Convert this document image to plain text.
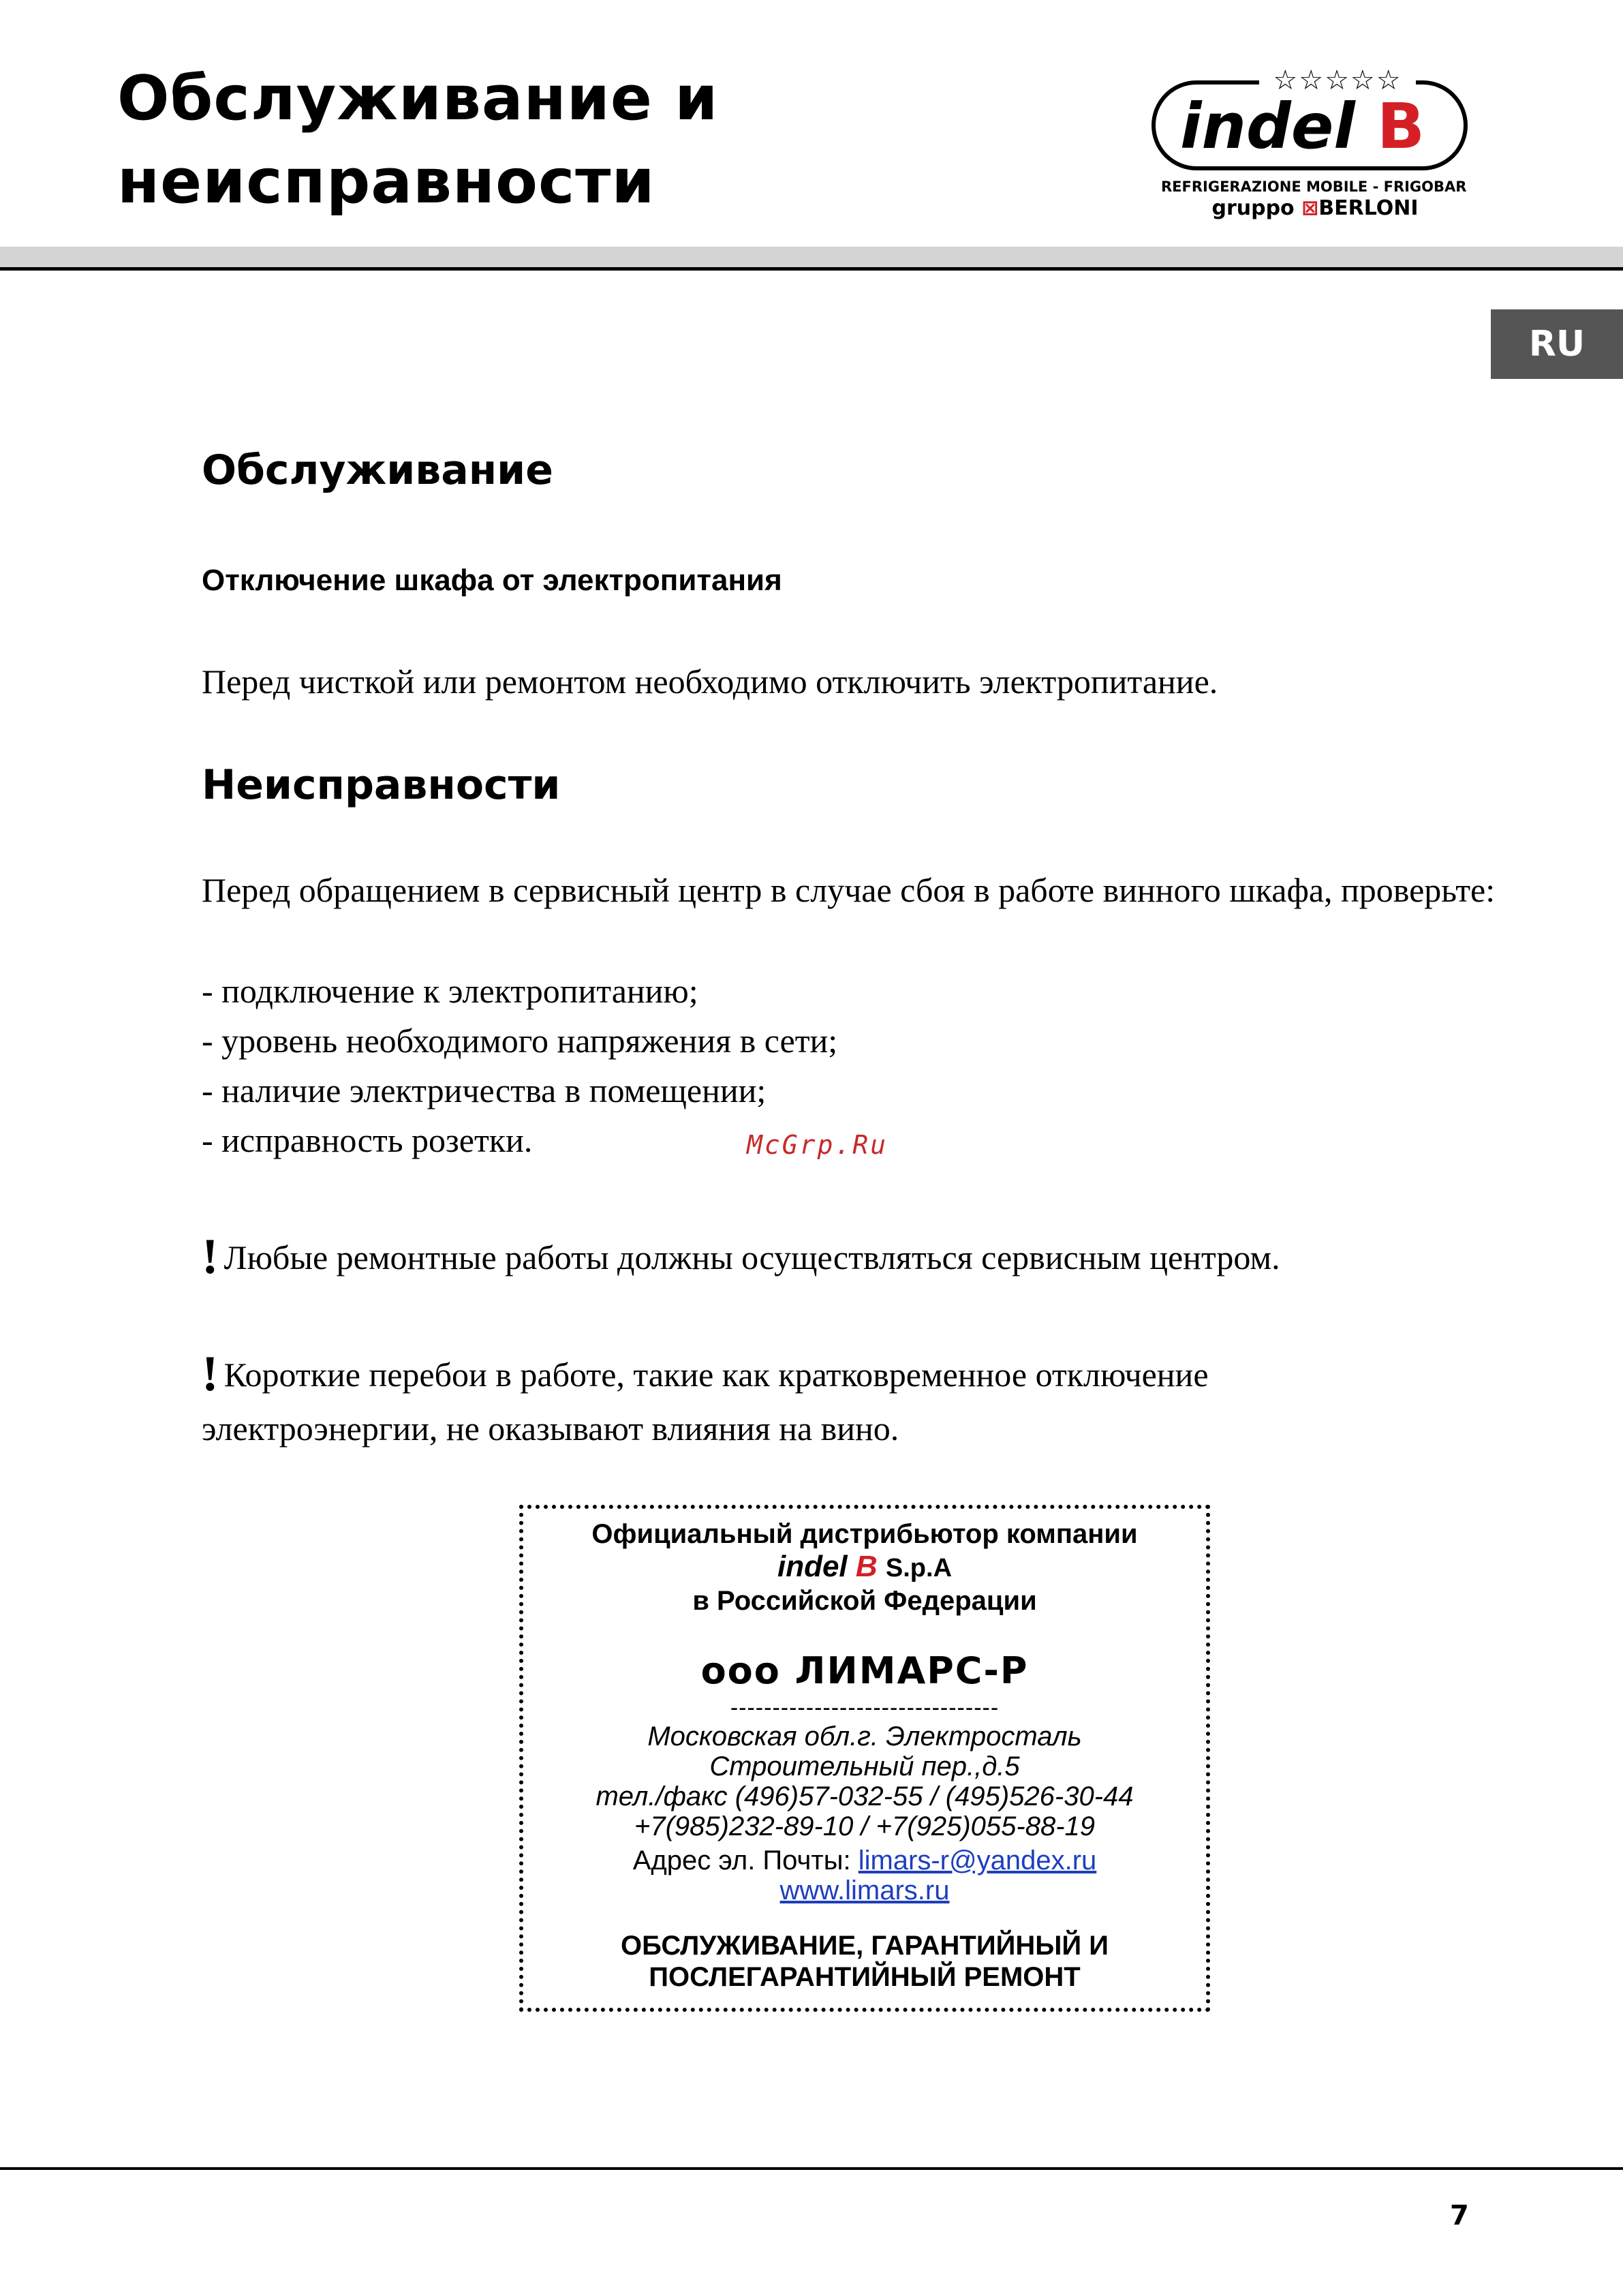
Обслуживание и
неисправности
☆☆☆☆☆
indel B
REFRIGERAZIONE MOBILE - FRIGOBAR
gruppo ⊠BERLONI
RU
Обслуживание
Отключение шкафа от электропитания

Перед чисткой или ремонтом необходимо отключить электропитание.

Неисправности

Перед обращением в сервисный центр в случае сбоя в работе винного шкафа, проверьте:

- подключение к электропитанию;

- уровень необходимого напряжения в сети;

- наличие электричества в помещении;

- исправность розетки.	McGrp.Ru

! Любые ремонтные работы должны осуществляться сервисным центром.

! Короткие перебои в работе, такие как кратковременное отключение

электроэнергии, не оказывают влияния на вино.

Официальный дистрибьютор компании
indel B S.p.A
в Российской Федерации
ооо ЛИМАРС-Р
--------------------------------
Московская обл.г. Электросталь
Строительный пер.,д.5
тел./факс (496)57-032-55 / (495)526-30-44
+7(985)232-89-10 / +7(925)055-88-19
Адрес эл. Почты: limars-r@yandex.ru
www.limars.ru
ОБСЛУЖИВАНИЕ, ГАРАНТИЙНЫЙ И
ПОСЛЕГАРАНТИЙНЫЙ РЕМОНТ
7
